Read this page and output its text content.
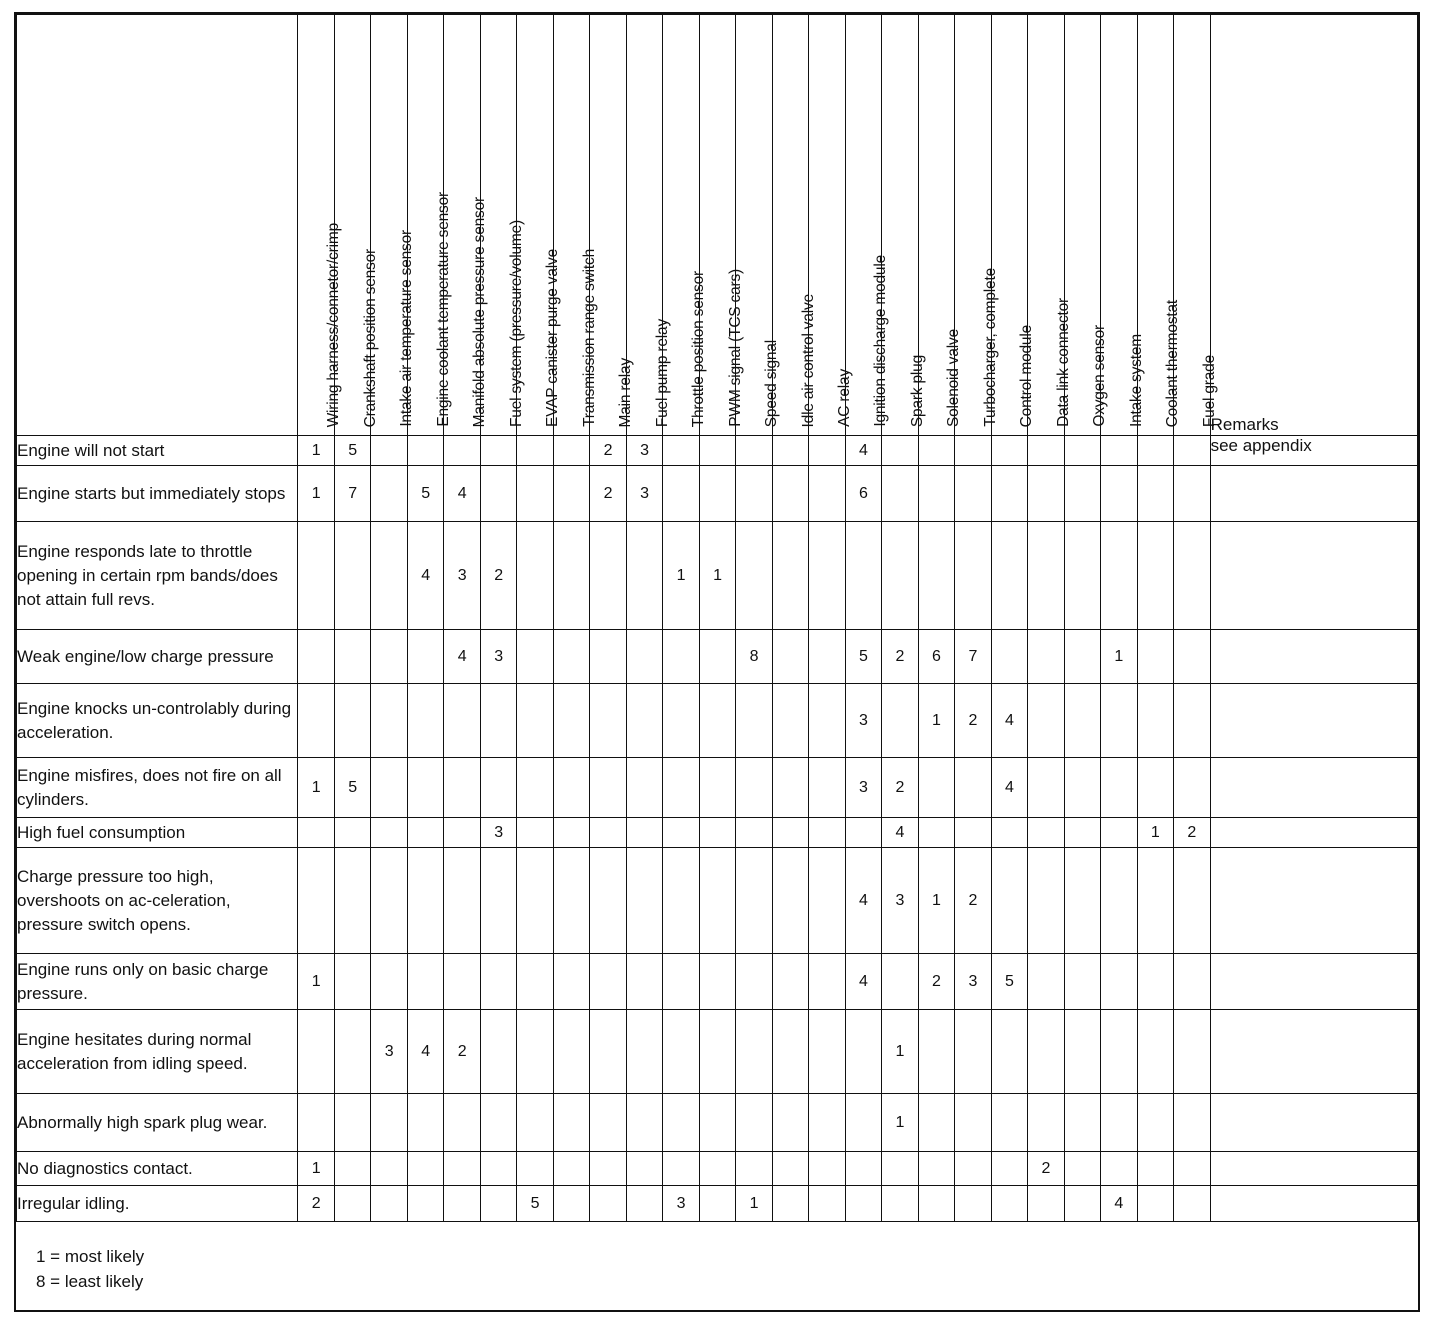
	Wiring harness/connetor/crimp	Crankshaft position sensor	Intake air temperature sensor	Engine coolant temperature sensor	Manifold absolute pressure sensor	Fuel system (pressure/volume)	EVAP canister purge valve	Transmission range switch	Main relay	Fuel pump relay	Throttle position sensor	PWM signal (TCS cars)	Speed signal	Idle air control valve	AC relay	Ignition discharge module	Spark plug	Solenoid valve	Turbocharger, complete	Control module	Data link connector	Oxygen sensor	Intake system	Coolant thermostat	Fuel grade	Remarks
Engine will not start	1	5							2	3						4										see appendix
Engine starts but immediately stops	1	7		5	4				2	3						6										
Engine responds late to throttle opening in certain rpm bands/does not attain full revs.				4	3	2					1	1														
Weak engine/low charge pressure					4	3							8			5	2	6	7				1			
Engine knocks un-controlably during acceleration.																3		1	2	4						
Engine misfires, does not fire on all cylinders.	1	5														3	2			4						
High fuel consumption						3											4							1	2	
Charge pressure too high, overshoots on ac-celeration, pressure switch opens.																4	3	1	2							
Engine runs only on basic charge pressure.	1															4		2	3	5						
Engine hesitates during normal acceleration from idling speed.			3	4	2												1									
Abnormally high spark plug wear.																	1									
No diagnostics contact.	1																				2					
Irregular idling.	2						5				3		1										4			
1 = most likely
8 = least likely
